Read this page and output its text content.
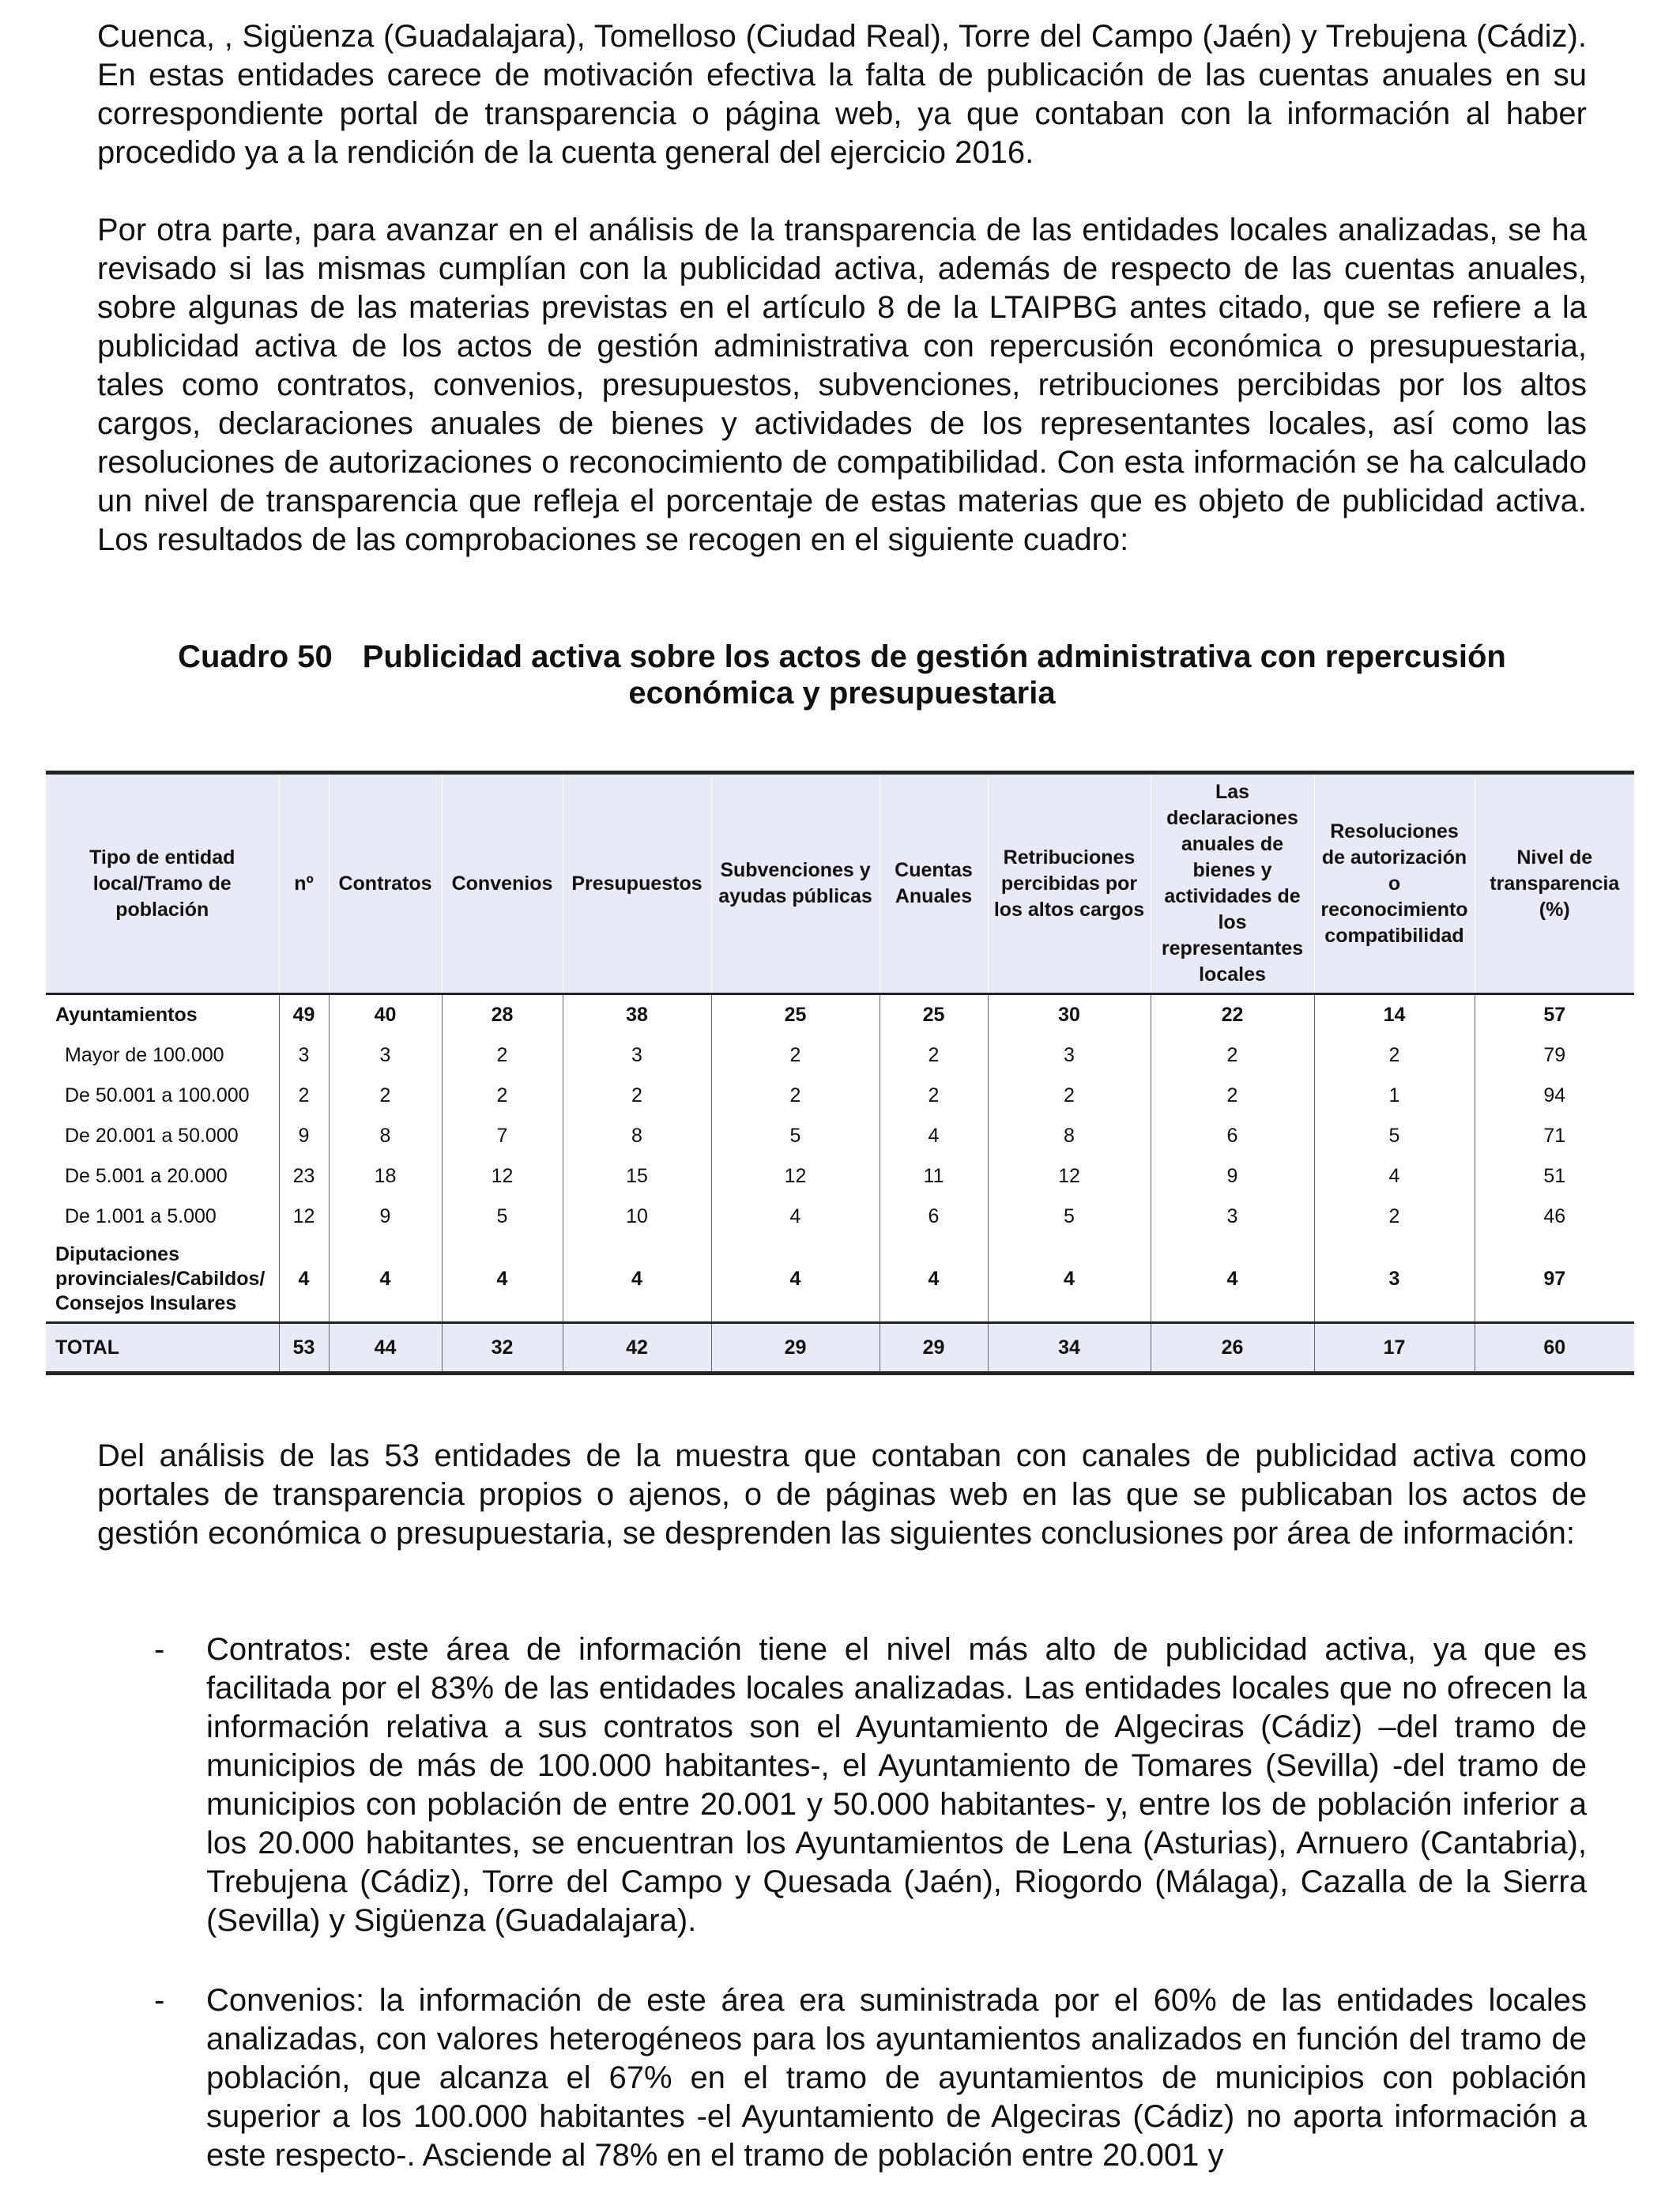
Cuenca, , Sigüenza (Guadalajara), Tomelloso (Ciudad Real), Torre del Campo (Jaén) y Trebujena (Cádiz). En estas entidades carece de motivación efectiva la falta de publicación de las cuentas anuales en su correspondiente portal de transparencia o página web, ya que contaban con la información al haber procedido ya a la rendición de la cuenta general del ejercicio 2016.
Por otra parte, para avanzar en el análisis de la transparencia de las entidades locales analizadas, se ha revisado si las mismas cumplían con la publicidad activa, además de respecto de las cuentas anuales, sobre algunas de las materias previstas en el artículo 8 de la LTAIPBG antes citado, que se refiere a la publicidad activa de los actos de gestión administrativa con repercusión económica o presupuestaria, tales como contratos, convenios, presupuestos, subvenciones, retribuciones percibidas por los altos cargos, declaraciones anuales de bienes y actividades de los representantes locales, así como las resoluciones de autorizaciones o reconocimiento de compatibilidad. Con esta información se ha calculado un nivel de transparencia que refleja el porcentaje de estas materias que es objeto de publicidad activa. Los resultados de las comprobaciones se recogen en el siguiente cuadro:
Cuadro 50 Publicidad activa sobre los actos de gestión administrativa con repercusión
económica y presupuestaria
Tipo de entidad local/Tramo de población	nº	Contratos	Convenios	Presupuestos	Subvenciones y ayudas públicas	Cuentas Anuales	Retribuciones percibidas por los altos cargos	Las declaraciones anuales de bienes y actividades de los representantes locales	Resoluciones de autorización o reconocimiento compatibilidad	Nivel de transparencia (%)
Ayuntamientos	49	40	28	38	25	25	30	22	14	57
Mayor de 100.000	3	3	2	3	2	2	3	2	2	79
De 50.001 a 100.000	2	2	2	2	2	2	2	2	1	94
De 20.001 a 50.000	9	8	7	8	5	4	8	6	5	71
De 5.001 a 20.000	23	18	12	15	12	11	12	9	4	51
De 1.001 a 5.000	12	9	5	10	4	6	5	3	2	46
Diputaciones provinciales/Cabildos/ Consejos Insulares	4	4	4	4	4	4	4	4	3	97
TOTAL	53	44	32	42	29	29	34	26	17	60
Del análisis de las 53 entidades de la muestra que contaban con canales de publicidad activa como portales de transparencia propios o ajenos, o de páginas web en las que se publicaban los actos de gestión económica o presupuestaria, se desprenden las siguientes conclusiones por área de información:
- Contratos: este área de información tiene el nivel más alto de publicidad activa, ya que es facilitada por el 83% de las entidades locales analizadas. Las entidades locales que no ofrecen la información relativa a sus contratos son el Ayuntamiento de Algeciras (Cádiz) –del tramo de municipios de más de 100.000 habitantes-, el Ayuntamiento de Tomares (Sevilla) -del tramo de municipios con población de entre 20.001 y 50.000 habitantes- y, entre los de población inferior a los 20.000 habitantes, se encuentran los Ayuntamientos de Lena (Asturias), Arnuero (Cantabria), Trebujena (Cádiz), Torre del Campo y Quesada (Jaén), Riogordo (Málaga), Cazalla de la Sierra (Sevilla) y Sigüenza (Guadalajara).
- Convenios: la información de este área era suministrada por el 60% de las entidades locales analizadas, con valores heterogéneos para los ayuntamientos analizados en función del tramo de población, que alcanza el 67% en el tramo de ayuntamientos de municipios con población superior a los 100.000 habitantes -el Ayuntamiento de Algeciras (Cádiz) no aporta información a este respecto-. Asciende al 78% en el tramo de población entre 20.001 y
